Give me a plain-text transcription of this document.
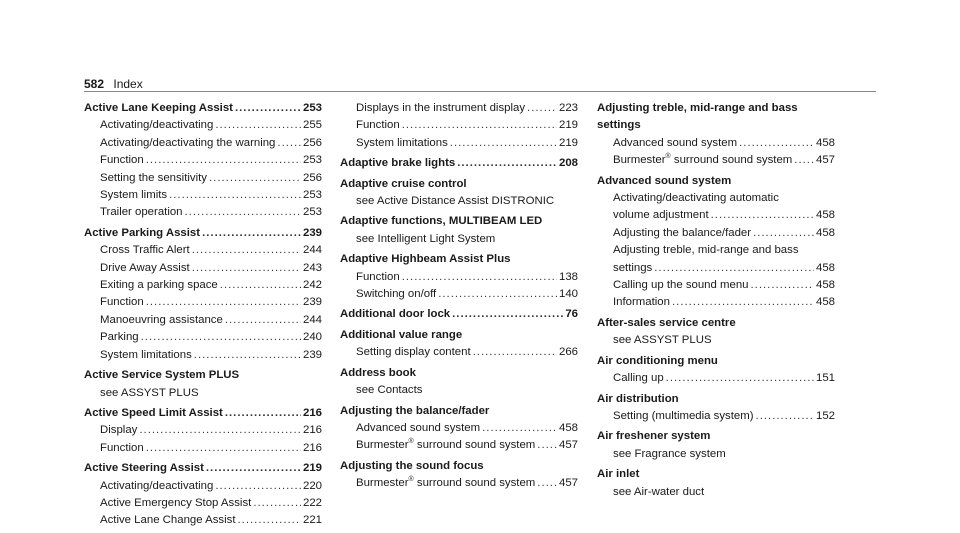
582 Index
Active Lane Keeping Assist .....	253
Activating/deactivating .....	255
Activating/deactivating the warning ..... 256
Function .....	253
Setting the sensitivity .....	256
System limits .....	253
Trailer operation .....	253
Active Parking Assist .....	239
Cross Traffic Alert .....	244
Drive Away Assist .....	243
Exiting a parking space .....	242
Function .....	239
Manoeuvring assistance .....	244
Parking .....	240
System limitations .....	239
Active Service System PLUS
see ASSYST PLUS
Active Speed Limit Assist .....	216
Display .....	216
Function .....	216
Active Steering Assist .....	219
Activating/deactivating .....	220
Active Emergency Stop Assist .....	222
Active Lane Change Assist .....	221
Displays in the instrument display .....	223
Function .....	219
System limitations .....	219
Adaptive brake lights .....	208
Adaptive cruise control
see Active Distance Assist DISTRONIC
Adaptive functions, MULTIBEAM LED
see Intelligent Light System
Adaptive Highbeam Assist Plus
Function .....	138
Switching on/off .....	140
Additional door lock .....	76
Additional value range
Setting display content .....	266
Address book
see Contacts
Adjusting the balance/fader
Advanced sound system .....	458
Burmester® surround sound system ..... 457
Adjusting the sound focus
Burmester® surround sound system ..... 457
Adjusting treble, mid-range and bass
settings
Advanced sound system .....	458
Burmester® surround sound system ..... 457
Advanced sound system
Activating/deactivating automatic
volume adjustment .....	458
Adjusting the balance/fader .....	458
Adjusting treble, mid-range and bass
settings .....	458
Calling up the sound menu .....	458
Information .....	458
After-sales service centre
see ASSYST PLUS
Air conditioning menu
Calling up .....	151
Air distribution
Setting (multimedia system) .....	152
Air freshener system
see Fragrance system
Air inlet
see Air-water duct
